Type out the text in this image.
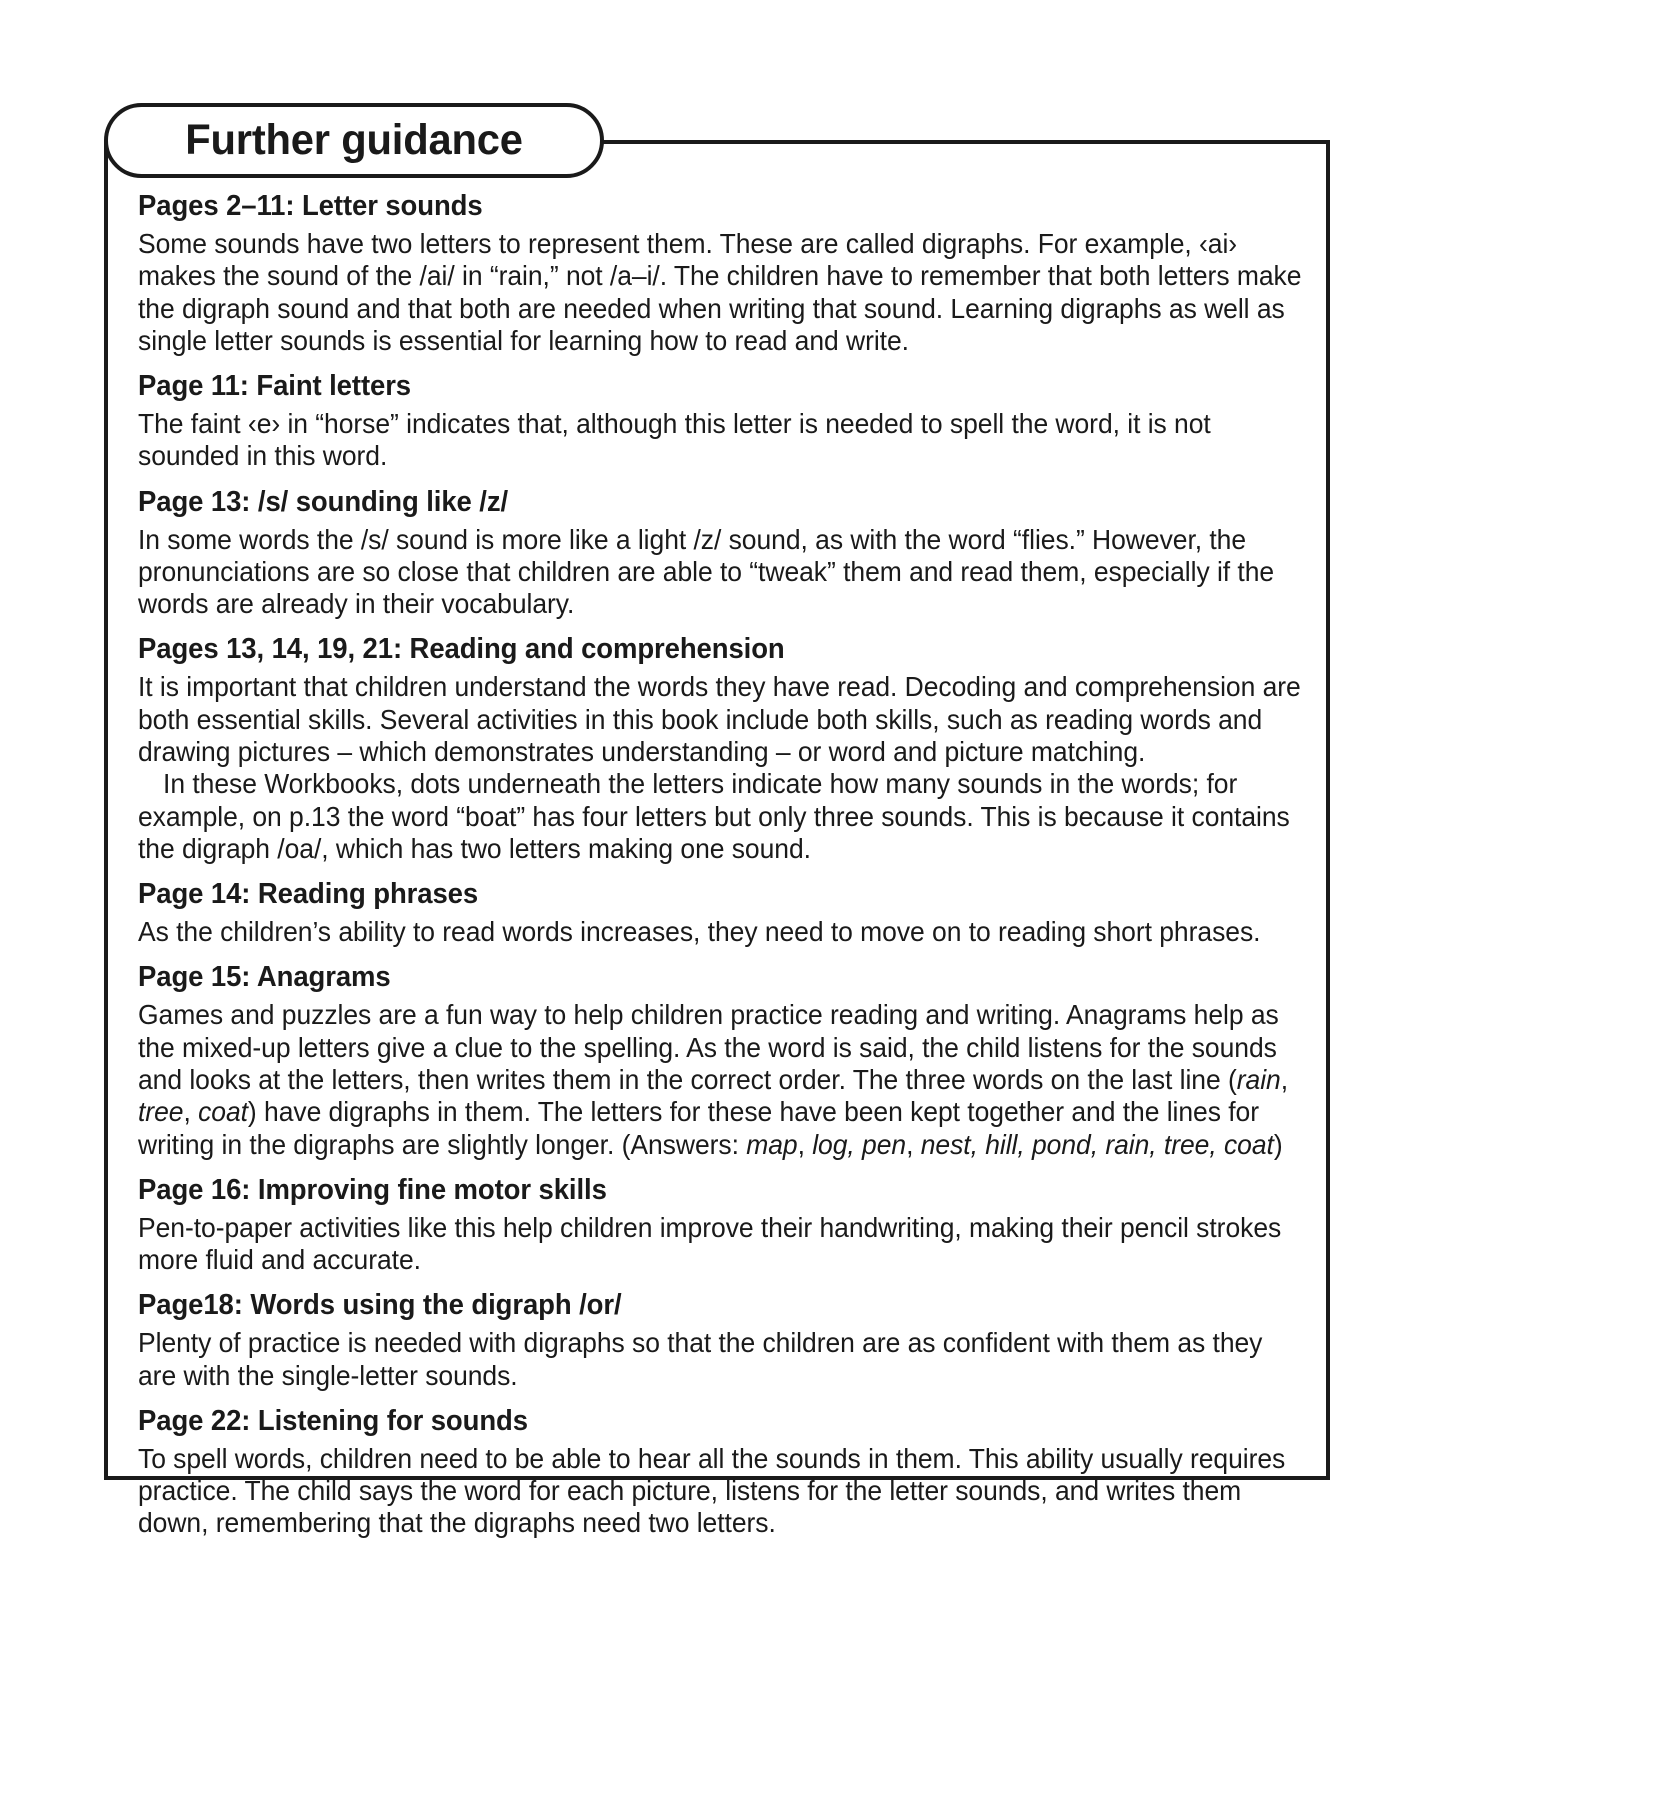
Further guidance
Pages 2–11: Letter sounds
Some sounds have two letters to represent them. These are called digraphs. For example, ‹ai› makes the sound of the /ai/ in “rain,” not /a–i/. The children have to remember that both letters make the digraph sound and that both are needed when writing that sound. Learning digraphs as well as single letter sounds is essential for learning how to read and write.
Page 11: Faint letters
The faint ‹e› in “horse” indicates that, although this letter is needed to spell the word, it is not sounded in this word.
Page 13: /s/ sounding like /z/
In some words the /s/ sound is more like a light /z/ sound, as with the word “flies.” However, the pronunciations are so close that children are able to “tweak” them and read them, especially if the words are already in their vocabulary.
Pages 13, 14, 19, 21: Reading and comprehension
It is important that children understand the words they have read. Decoding and comprehension are both essential skills. Several activities in this book include both skills, such as reading words and drawing pictures – which demonstrates understanding – or word and picture matching.
In these Workbooks, dots underneath the letters indicate how many sounds in the words; for example, on p.13 the word “boat” has four letters but only three sounds. This is because it contains the digraph /oa/, which has two letters making one sound.
Page 14: Reading phrases
As the children’s ability to read words increases, they need to move on to reading short phrases.
Page 15: Anagrams
Games and puzzles are a fun way to help children practice reading and writing. Anagrams help as the mixed-up letters give a clue to the spelling. As the word is said, the child listens for the sounds and looks at the letters, then writes them in the correct order. The three words on the last line (rain, tree, coat) have digraphs in them. The letters for these have been kept together and the lines for writing in the digraphs are slightly longer. (Answers: map, log, pen, nest, hill, pond, rain, tree, coat)
Page 16: Improving fine motor skills
Pen-to-paper activities like this help children improve their handwriting, making their pencil strokes more fluid and accurate.
Page18: Words using the digraph /or/
Plenty of practice is needed with digraphs so that the children are as confident with them as they are with the single-letter sounds.
Page 22: Listening for sounds
To spell words, children need to be able to hear all the sounds in them. This ability usually requires practice. The child says the word for each picture, listens for the letter sounds, and writes them down, remembering that the digraphs need two letters.
